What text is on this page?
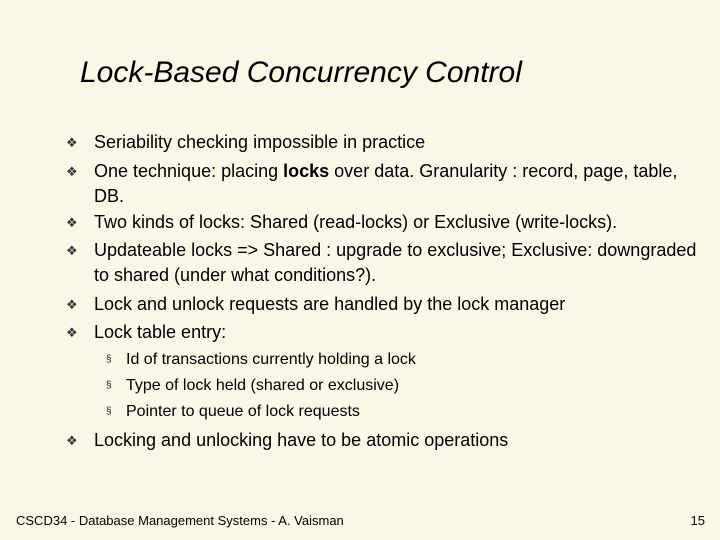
Lock-Based Concurrency Control
❖ Seriability checking impossible in practice
❖ One technique: placing locks over data. Granularity : record, page, table, DB.
❖ Two kinds of locks: Shared (read-locks) or Exclusive (write-locks).
❖ Updateable locks => Shared : upgrade to exclusive; Exclusive: downgraded to shared (under what conditions?).
❖ Lock and unlock requests are handled by the lock manager
❖ Lock table entry:
§ Id of transactions currently holding a lock
§ Type of lock held (shared or exclusive)
§ Pointer to queue of lock requests
❖ Locking and unlocking have to be atomic operations
CSCD34 - Database Management Systems - A. Vaisman	15
